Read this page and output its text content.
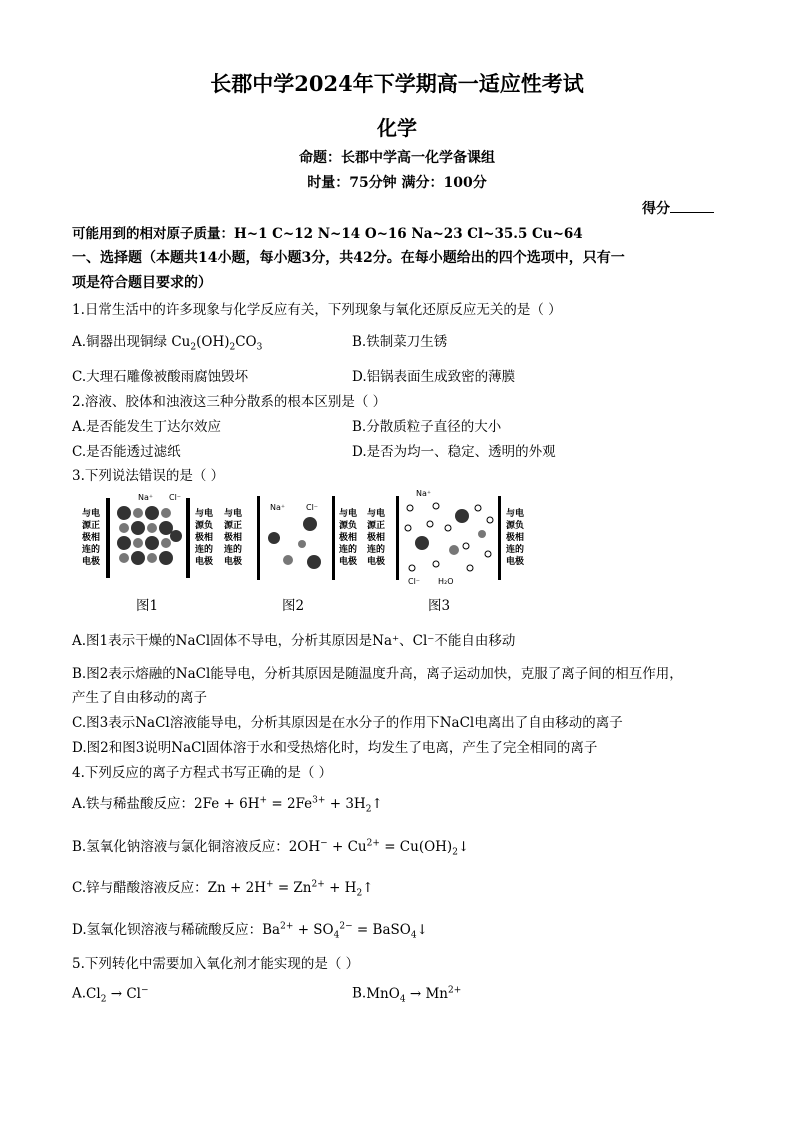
长郡中学2024年下学期高一适应性考试
化学
命题：长郡中学高一化学备课组
时量：75分钟 满分：100分
得分
可能用到的相对原子质量：H~1 C~12 N~14 O~16 Na~23 Cl~35.5 Cu~64
一、选择题（本题共14小题，每小题3分，共42分。在每小题给出的四个选项中，只有一
项是符合题目要求的）
1.日常生活中的许多现象与化学反应有关，下列现象与氧化还原反应无关的是（ ）
A.铜器出现铜绿 $Cu_2(OH)_2CO_3$	B.铁制菜刀生锈
C.大理石雕像被酸雨腐蚀毁坏	D.铝锅表面生成致密的薄膜
2.溶液、胶体和浊液这三种分散系的根本区别是（ ）
A.是否能发生丁达尔效应	B.分散质粒子直径的大小
C.是否能透过滤纸	D.是否为均一、稳定、透明的外观
3.下列说法错误的是（ ）
与电
源正
极相
连的
电极
Na⁺ Cl⁻
与电
源负
极相
连的
电极
与电
源正
极相
连的
电极
Na⁺	Cl⁻
与电
源负
极相
连的
电极
与电
源正
极相
连的
电极
Na⁺
Cl⁻ H₂O
与电
源负
极相
连的
电极
图1	图2	图3
A.图1表示干燥的NaCl固体不导电，分析其原因是Na⁺、Cl⁻不能自由移动
B.图2表示熔融的NaCl能导电，分析其原因是随温度升高，离子运动加快，克服了离子间的相互作用，
产生了自由移动的离子
C.图3表示NaCl溶液能导电，分析其原因是在水分子的作用下NaCl电离出了自由移动的离子
D.图2和图3说明NaCl固体溶于水和受热熔化时，均发生了电离，产生了完全相同的离子
4.下列反应的离子方程式书写正确的是（ ）
A.铁与稀盐酸反应：$2Fe + 6H^+ = 2Fe^{3+}$ + $3H_2↑$
B.氢氧化钠溶液与氯化铜溶液反应：$2OH^- + Cu^{2+}$ = $Cu(OH)_2↓$
C.锌与醋酸溶液反应：$Zn + 2H^+ = Zn^{2+}$ + $H_2↑$
D.氢氧化钡溶液与稀硫酸反应：$Ba^{2+} + SO_4^{2-}$ = BaSO$_4$↓
5.下列转化中需要加入氧化剂才能实现的是（ ）
$A.Cl_2 \to Cl^-$	$B.MnO_4 \to Mn^{2+}$
